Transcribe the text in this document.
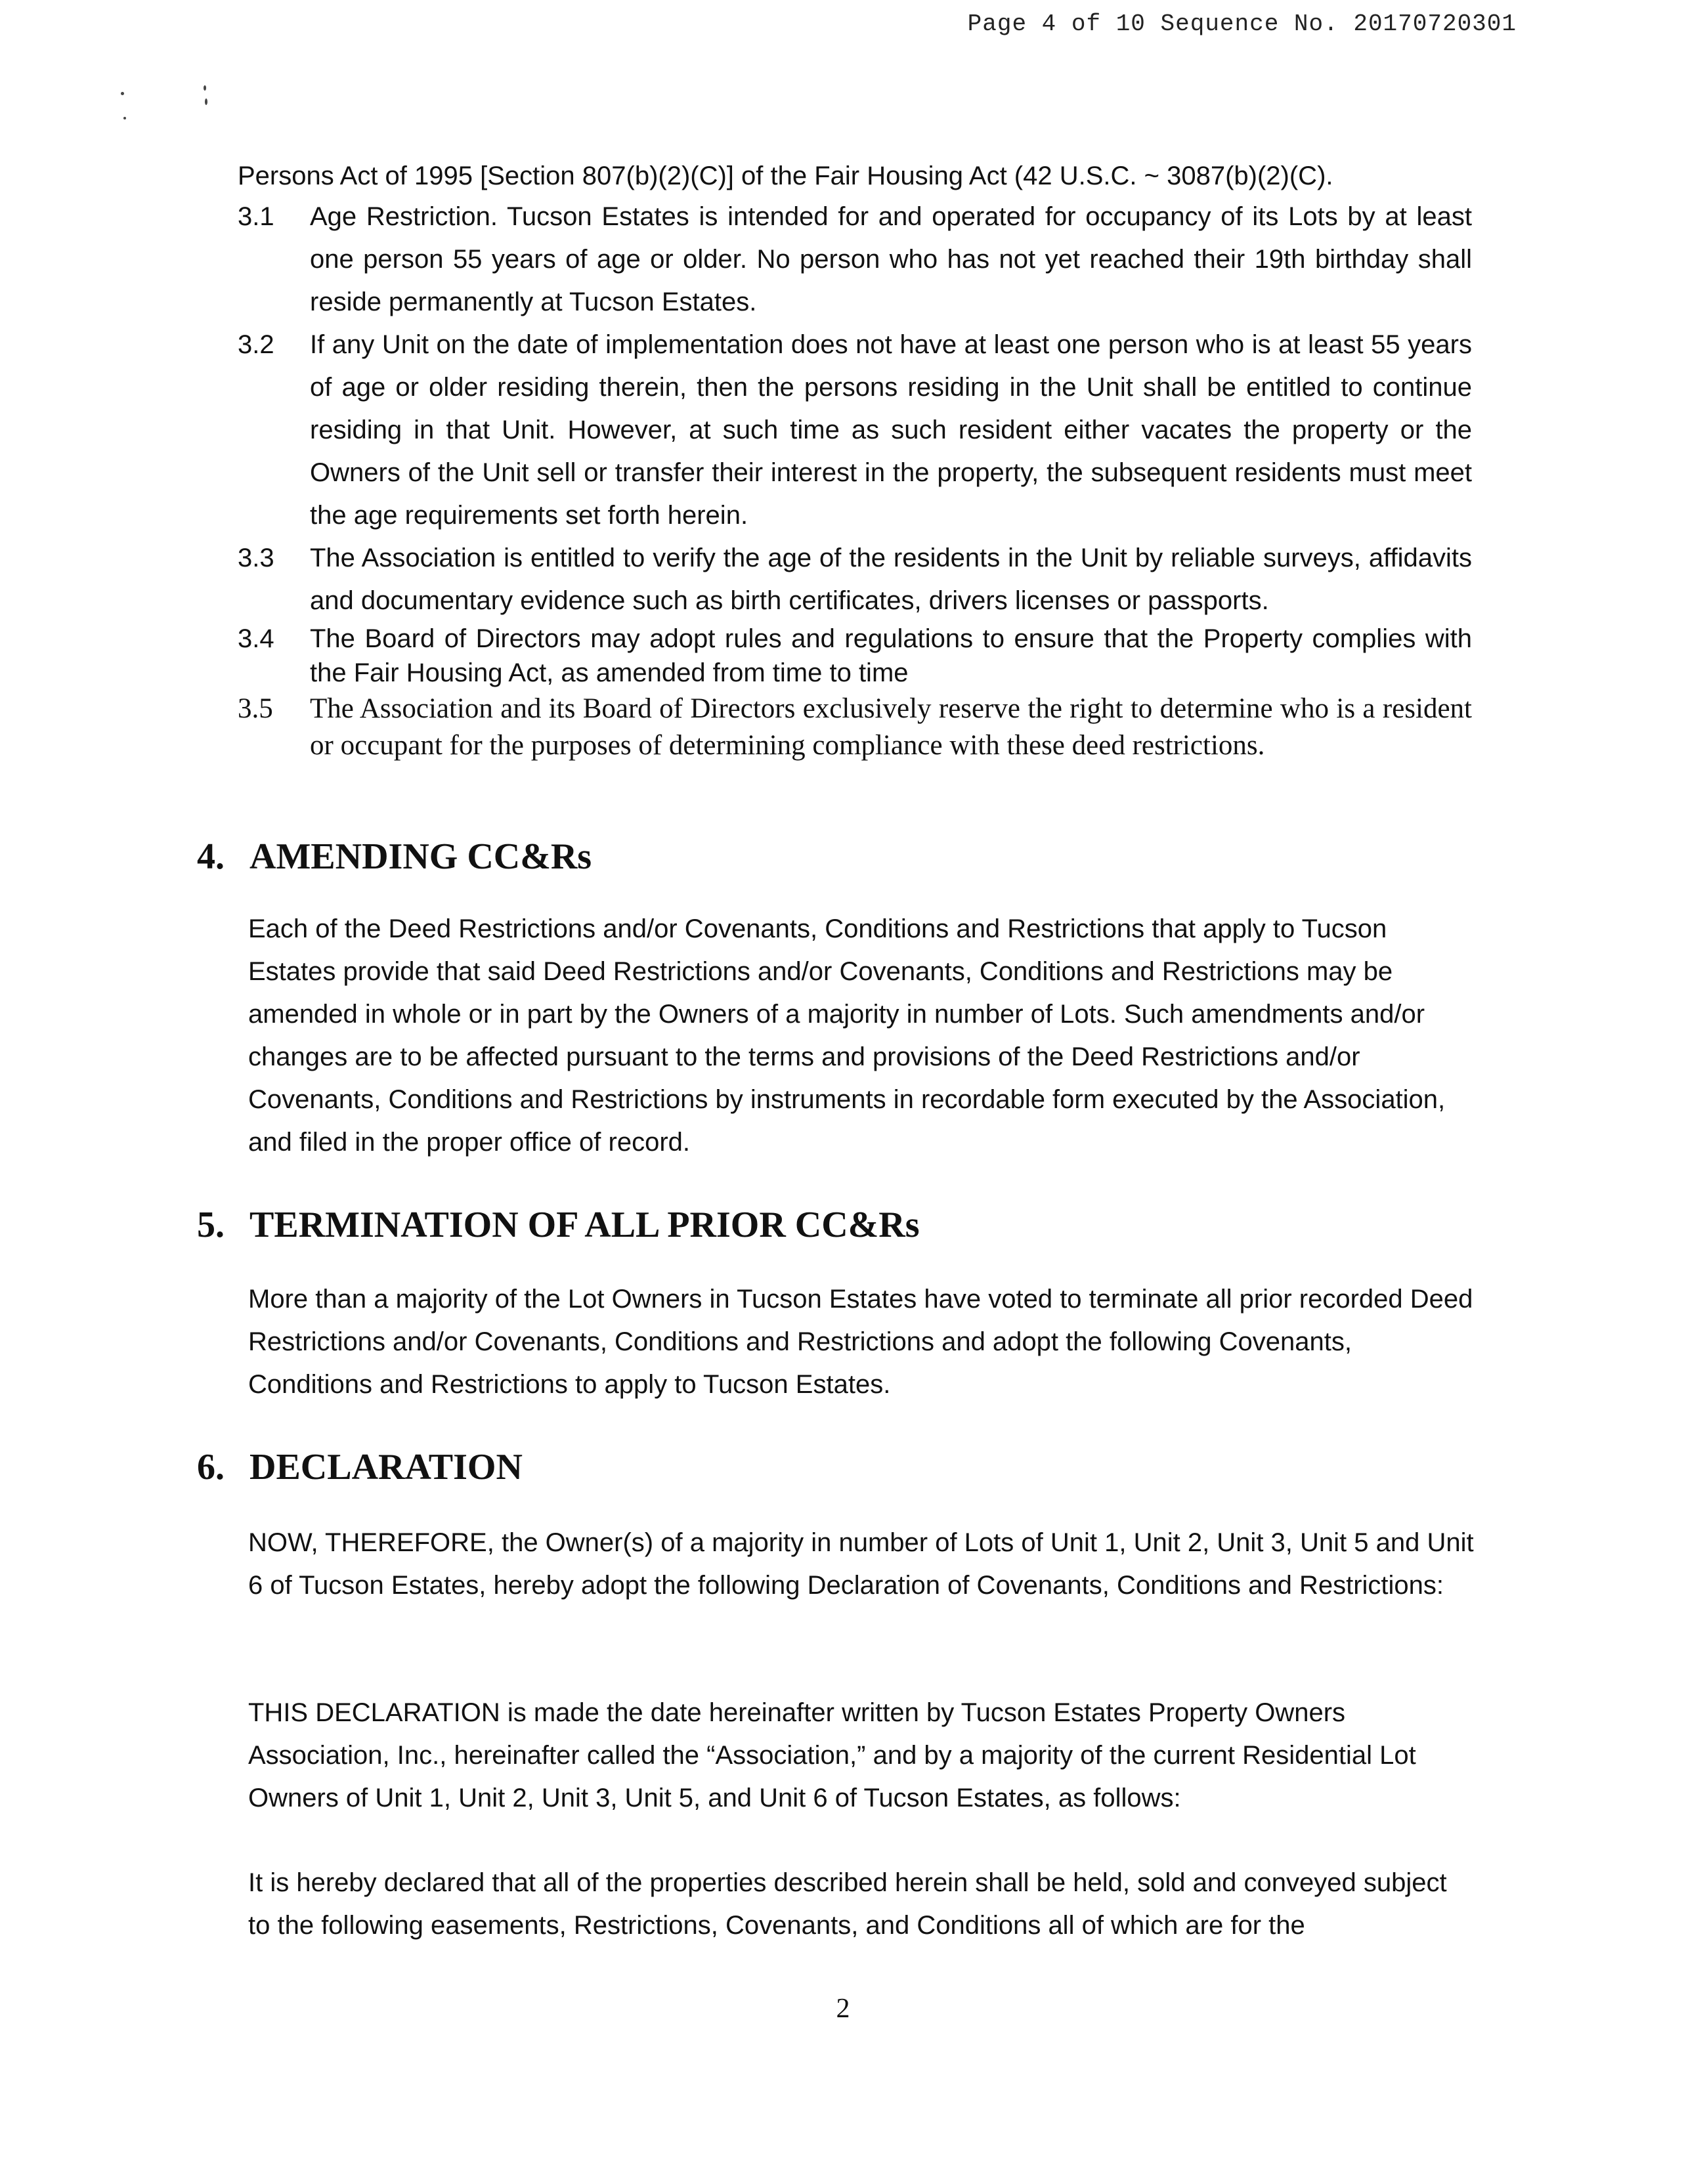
Page 4 of 10 Sequence No. 20170720301
Persons Act of 1995 [Section 807(b)(2)(C)] of the Fair Housing Act (42 U.S.C. ~ 3087(b)(2)(C).
3.1	Age Restriction. Tucson Estates is intended for and operated for occupancy of its Lots by at least one person 55 years of age or older. No person who has not yet reached their 19th birthday shall reside permanently at Tucson Estates.
3.2	If any Unit on the date of implementation does not have at least one person who is at least 55 years of age or older residing therein, then the persons residing in the Unit shall be entitled to continue residing in that Unit. However, at such time as such resident either vacates the property or the Owners of the Unit sell or transfer their interest in the property, the subsequent residents must meet the age requirements set forth herein.
3.3	The Association is entitled to verify the age of the residents in the Unit by reliable surveys, affidavits and documentary evidence such as birth certificates, drivers licenses or passports.
3.4	The Board of Directors may adopt rules and regulations to ensure that the Property complies with the Fair Housing Act, as amended from time to time
3.5	The Association and its Board of Directors exclusively reserve the right to determine who is a resident or occupant for the purposes of determining compliance with these deed restrictions.
4. AMENDING CC&Rs
Each of the Deed Restrictions and/or Covenants, Conditions and Restrictions that apply to Tucson Estates provide that said Deed Restrictions and/or Covenants, Conditions and Restrictions may be amended in whole or in part by the Owners of a majority in number of Lots. Such amendments and/or changes are to be affected pursuant to the terms and provisions of the Deed Restrictions and/or Covenants, Conditions and Restrictions by instruments in recordable form executed by the Association, and filed in the proper office of record.
5. TERMINATION OF ALL PRIOR CC&Rs
More than a majority of the Lot Owners in Tucson Estates have voted to terminate all prior recorded Deed Restrictions and/or Covenants, Conditions and Restrictions and adopt the following Covenants, Conditions and Restrictions to apply to Tucson Estates.
6. DECLARATION
NOW, THEREFORE, the Owner(s) of a majority in number of Lots of Unit 1, Unit 2, Unit 3, Unit 5 and Unit 6 of Tucson Estates, hereby adopt the following Declaration of Covenants, Conditions and Restrictions:
THIS DECLARATION is made the date hereinafter written by Tucson Estates Property Owners Association, Inc., hereinafter called the “Association,” and by a majority of the current Residential Lot Owners of Unit 1, Unit 2, Unit 3, Unit 5, and Unit 6 of Tucson Estates, as follows:
It is hereby declared that all of the properties described herein shall be held, sold and conveyed subject to the following easements, Restrictions, Covenants, and Conditions all of which are for the
2
